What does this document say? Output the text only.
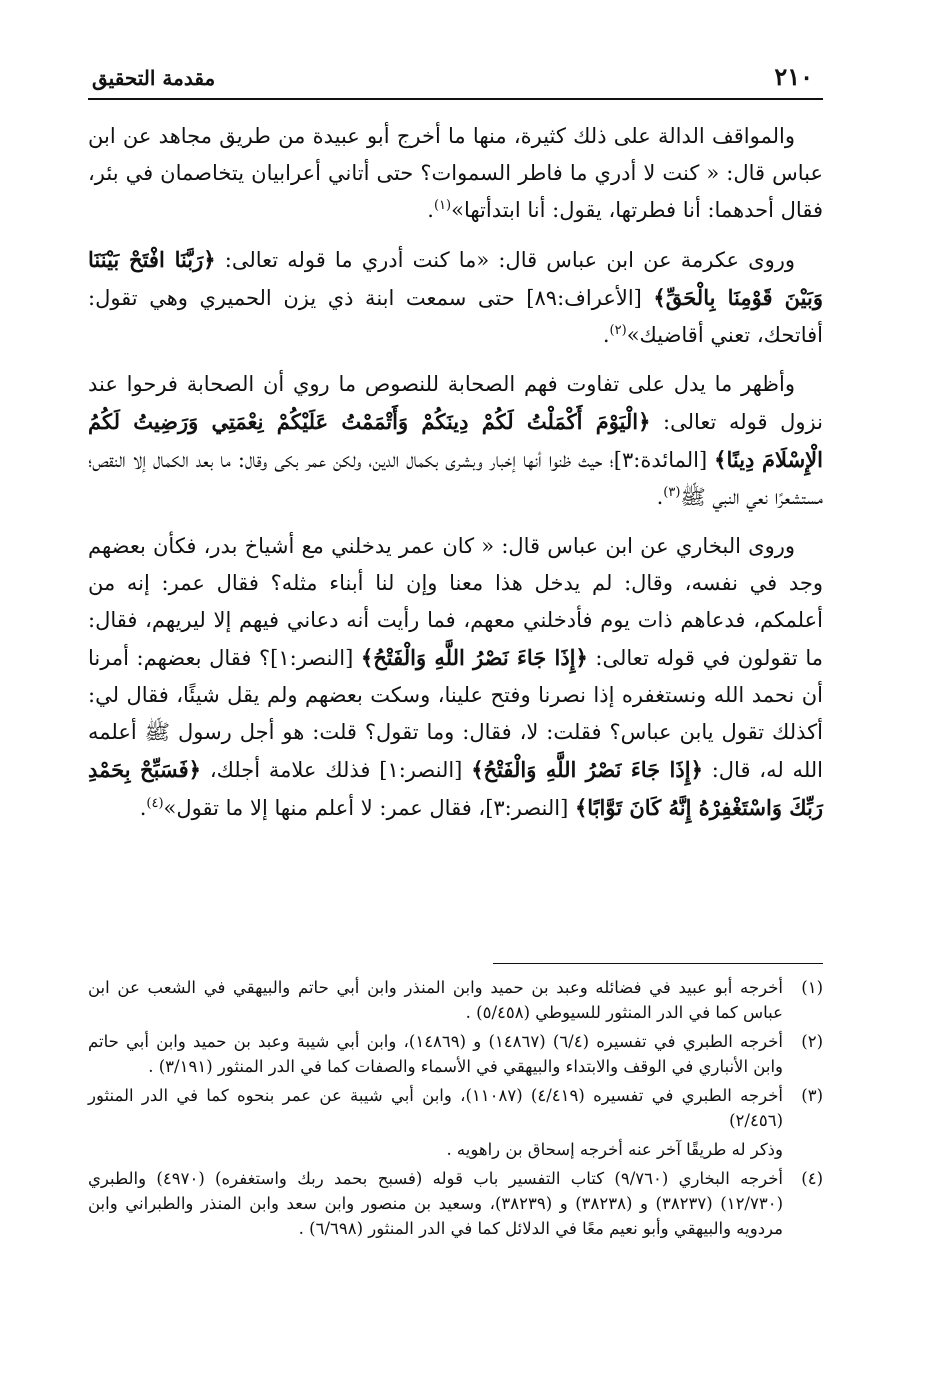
٢١٠
مقدمة التحقيق

والمواقف الدالة على ذلك كثيرة، منها ما أخرج أبو عبيدة من طريق مجاهد عن ابن عباس قال: « كنت لا أدري ما فاطر السموات؟ حتى أتاني أعرابيان يتخاصمان في بئر، فقال أحدهما: أنا فطرتها، يقول: أنا ابتدأتها»$^{(١)}$.

وروى عكرمة عن ابن عباس قال: «ما كنت أدري ما قوله تعالى: ﴿رَبَّنَا افْتَحْ بَيْنَنَا وَبَيْنَ قَوْمِنَا بِالْحَقِّ﴾ [الأعراف:٨٩] حتى سمعت ابنة ذي يزن الحميري وهي تقول: أفاتحك، تعني أقاضيك»$^{(٢)}$.

وأظهر ما يدل على تفاوت فهم الصحابة للنصوص ما روي أن الصحابة فرحوا عند نزول قوله تعالى: ﴿الْيَوْمَ أَكْمَلْتُ لَكُمْ دِينَكُمْ وَأَتْمَمْتُ عَلَيْكُمْ نِعْمَتِي وَرَضِيتُ لَكُمُ الْإِسْلَامَ دِينًا﴾ [المائدة:٣]؛ حيث ظنوا أنها إخبار وبشرى بكمال الدين، ولكن عمر بكى وقال: ما بعد الكمال إلا النقص؛ مستشعرًا نعي النبي ﷺ$^{(٣)}$.

وروى البخاري عن ابن عباس قال: « كان عمر يدخلني مع أشياخ بدر، فكأن بعضهم وجد في نفسه، وقال: لم يدخل هذا معنا وإن لنا أبناء مثله؟ فقال عمر: إنه من أعلمكم، فدعاهم ذات يوم فأدخلني معهم، فما رأيت أنه دعاني فيهم إلا ليريهم، فقال: ما تقولون في قوله تعالى: ﴿إِذَا جَاءَ نَصْرُ اللَّهِ وَالْفَتْحُ﴾ [النصر:١]؟ فقال بعضهم: أمرنا أن نحمد الله ونستغفره إذا نصرنا وفتح علينا، وسكت بعضهم ولم يقل شيئًا، فقال لي: أكذلك تقول يابن عباس؟ فقلت: لا، فقال: وما تقول؟ قلت: هو أجل رسول ﷺ أعلمه الله له، قال: ﴿إِذَا جَاءَ نَصْرُ اللَّهِ وَالْفَتْحُ﴾ [النصر:١] فذلك علامة أجلك، ﴿فَسَبِّحْ بِحَمْدِ رَبِّكَ وَاسْتَغْفِرْهُ إِنَّهُ كَانَ تَوَّابًا﴾ [النصر:٣]، فقال عمر: لا أعلم منها إلا ما تقول»$^{(٤)}$.

(١)
أخرجه أبو عبيد في فضائله وعبد بن حميد وابن المنذر وابن أبي حاتم والبيهقي في الشعب عن ابن عباس كما في الدر المنثور للسيوطي (٥/٤٥٨) .
(٢)
أخرجه الطبري في تفسيره (٦/٤) (١٤٨٦٧) و (١٤٨٦٩)، وابن أبي شيبة وعبد بن حميد وابن أبي حاتم وابن الأنباري في الوقف والابتداء والبيهقي في الأسماء والصفات كما في الدر المنثور (٣/١٩١) .
(٣)
أخرجه الطبري في تفسيره (٤/٤١٩) (١١٠٨٧)، وابن أبي شيبة عن عمر بنحوه كما في الدر المنثور (٢/٤٥٦)
وذكر له طريقًا آخر عنه أخرجه إسحاق بن راهويه .
(٤)
أخرجه البخاري (٩/٧٦٠) كتاب التفسير باب قوله (فسبح بحمد ربك واستغفره) (٤٩٧٠) والطبري (١٢/٧٣٠) (٣٨٢٣٧) و (٣٨٢٣٨) و (٣٨٢٣٩)، وسعيد بن منصور وابن سعد وابن المنذر والطبراني وابن مردويه والبيهقي وأبو نعيم معًا في الدلائل كما في الدر المنثور (٦/٦٩٨) .
